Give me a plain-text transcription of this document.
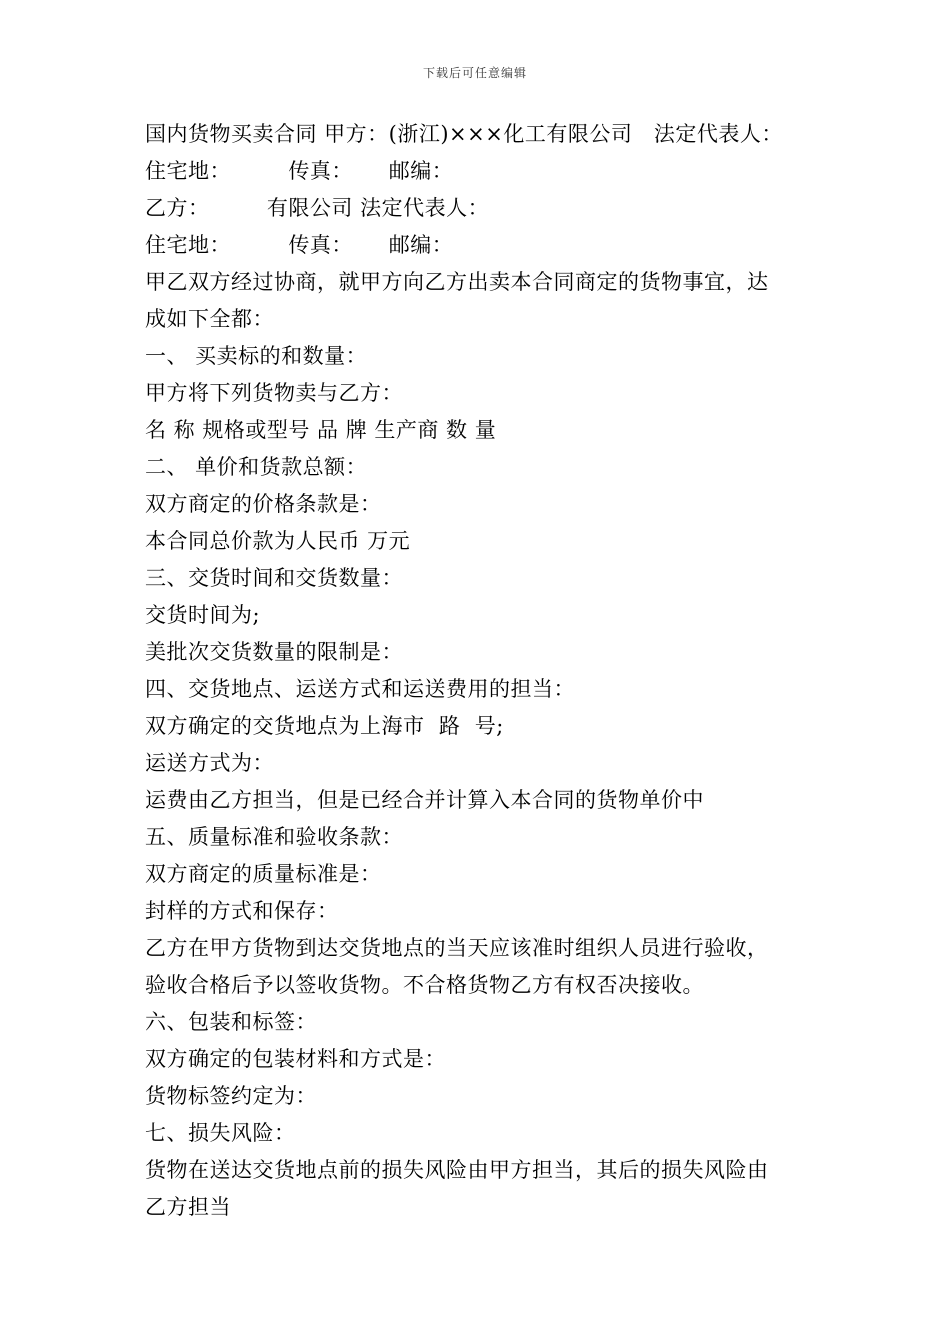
下载后可任意编辑
国内货物买卖合同 甲方：(浙江)×××化工有限公司   法定代表人：
住宅地：        传真：     邮编：
乙方：        有限公司 法定代表人：
住宅地：        传真：     邮编：
甲乙双方经过协商，就甲方向乙方出卖本合同商定的货物事宜，达
成如下全都：
一、 买卖标的和数量：
甲方将下列货物卖与乙方：
名 称 规格或型号 品 牌 生产商 数 量
二、 单价和货款总额：
双方商定的价格条款是：
本合同总价款为人民币 万元
三、交货时间和交货数量：
交货时间为;
美批次交货数量的限制是：
四、交货地点、运送方式和运送费用的担当：
双方确定的交货地点为上海市  路  号;
运送方式为：
运费由乙方担当，但是已经合并计算入本合同的货物单价中
五、质量标准和验收条款：
双方商定的质量标准是：
封样的方式和保存：
乙方在甲方货物到达交货地点的当天应该准时组织人员进行验收，
验收合格后予以签收货物。不合格货物乙方有权否决接收。
六、包装和标签：
双方确定的包装材料和方式是：
货物标签约定为：
七、损失风险：
货物在送达交货地点前的损失风险由甲方担当，其后的损失风险由
乙方担当
